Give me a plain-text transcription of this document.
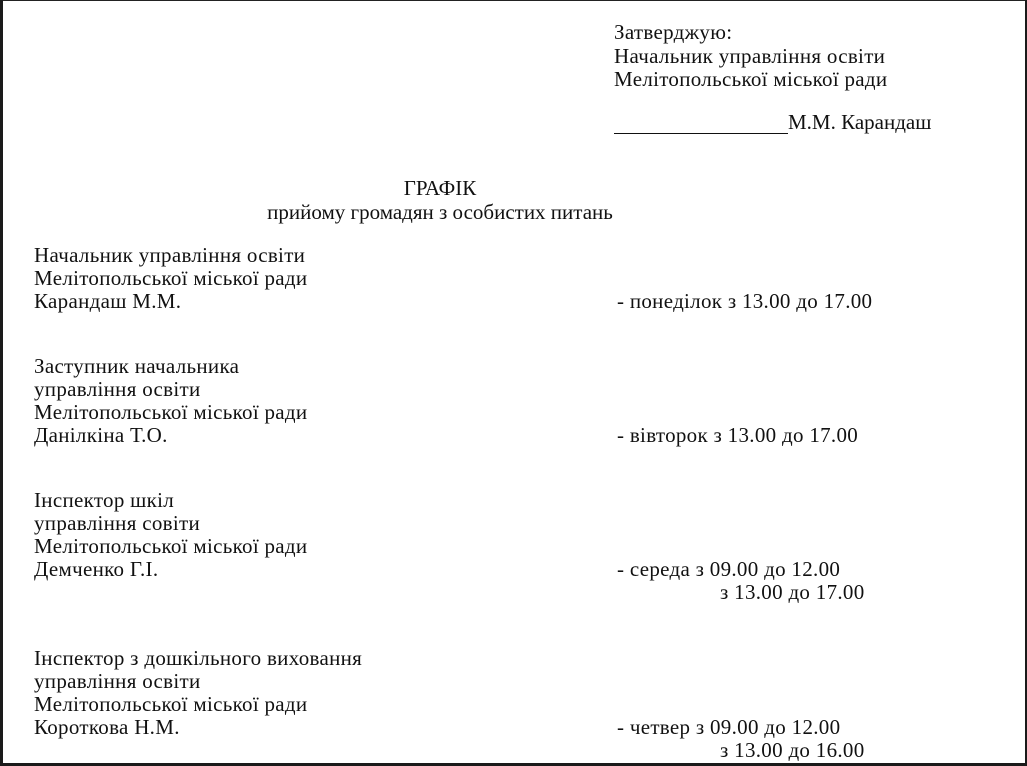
Затверджую:
Начальник управління освіти
Мелітопольської міської ради
М.М. Карандаш
ГРАФІК
прийому громадян з особистих питань
Начальник управління освіти
Мелітопольської міської ради
Карандаш М.М.	- понеділок з 13.00 до 17.00
Заступник начальника
управління освіти
Мелітопольської міської ради
Данілкіна Т.О.	- вівторок з 13.00 до 17.00
Інспектор шкіл
управління совіти
Мелітопольської міської ради
Демченко Г.І.	- середа з 09.00 до 12.00
з 13.00 до 17.00
Інспектор з дошкільного виховання
управління освіти
Мелітопольської міської ради
Короткова Н.М.	- четвер з 09.00 до 12.00
з 13.00 до 16.00
